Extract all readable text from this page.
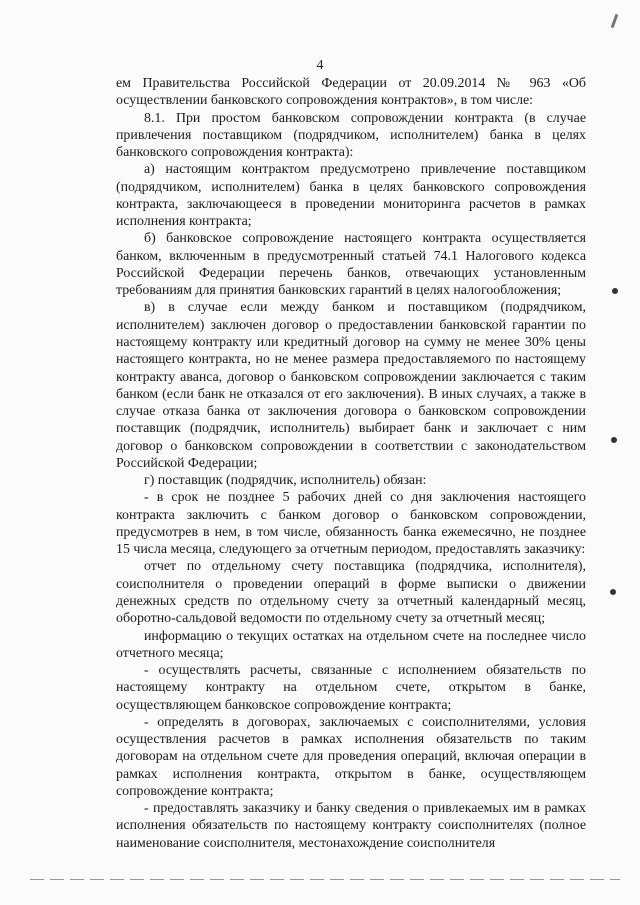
4

ем Правительства Российской Федерации от 20.09.2014 № 963 «Об осуществлении банковского сопровождения контрактов», в том числе:

8.1. При простом банковском сопровождении контракта (в случае привлечения поставщиком (подрядчиком, исполнителем) банка в целях банковского сопровождения контракта):

а) настоящим контрактом предусмотрено привлечение поставщиком (подрядчиком, исполнителем) банка в целях банковского сопровождения контракта, заключающееся в проведении мониторинга расчетов в рамках исполнения контракта;

б) банковское сопровождение настоящего контракта осуществляется банком, включенным в предусмотренный статьей 74.1 Налогового кодекса Российской Федерации перечень банков, отвечающих установленным требованиям для принятия банковских гарантий в целях налогообложения;

в) в случае если между банком и поставщиком (подрядчиком, исполнителем) заключен договор о предоставлении банковской гарантии по настоящему контракту или кредитный договор на сумму не менее 30% цены настоящего контракта, но не менее размера предоставляемого по настоящему контракту аванса, договор о банковском сопровождении заключается с таким банком (если банк не отказался от его заключения). В иных случаях, а также в случае отказа банка от заключения договора о банковском сопровождении поставщик (подрядчик, исполнитель) выбирает банк и заключает с ним договор о банковском сопровождении в соответствии с законодательством Российской Федерации;

г) поставщик (подрядчик, исполнитель) обязан:

- в срок не позднее 5 рабочих дней со дня заключения настоящего контракта заключить с банком договор о банковском сопровождении, предусмотрев в нем, в том числе, обязанность банка ежемесячно, не позднее 15 числа месяца, следующего за отчетным периодом, предоставлять заказчику:

отчет по отдельному счету поставщика (подрядчика, исполнителя), соисполнителя о проведении операций в форме выписки о движении денежных средств по отдельному счету за отчетный календарный месяц, оборотно-сальдовой ведомости по отдельному счету за отчетный месяц;

информацию о текущих остатках на отдельном счете на последнее число отчетного месяца;

- осуществлять расчеты, связанные с исполнением обязательств по настоящему контракту на отдельном счете, открытом в банке, осуществляющем банковское сопровождение контракта;

- определять в договорах, заключаемых с соисполнителями, условия осуществления расчетов в рамках исполнения обязательств по таким договорам на отдельном счете для проведения операций, включая операции в рамках исполнения контракта, открытом в банке, осуществляющем сопровождение контракта;

- предоставлять заказчику и банку сведения о привлекаемых им в рамках исполнения обязательств по настоящему контракту соисполнителях (полное наименование соисполнителя, местонахождение соисполнителя
